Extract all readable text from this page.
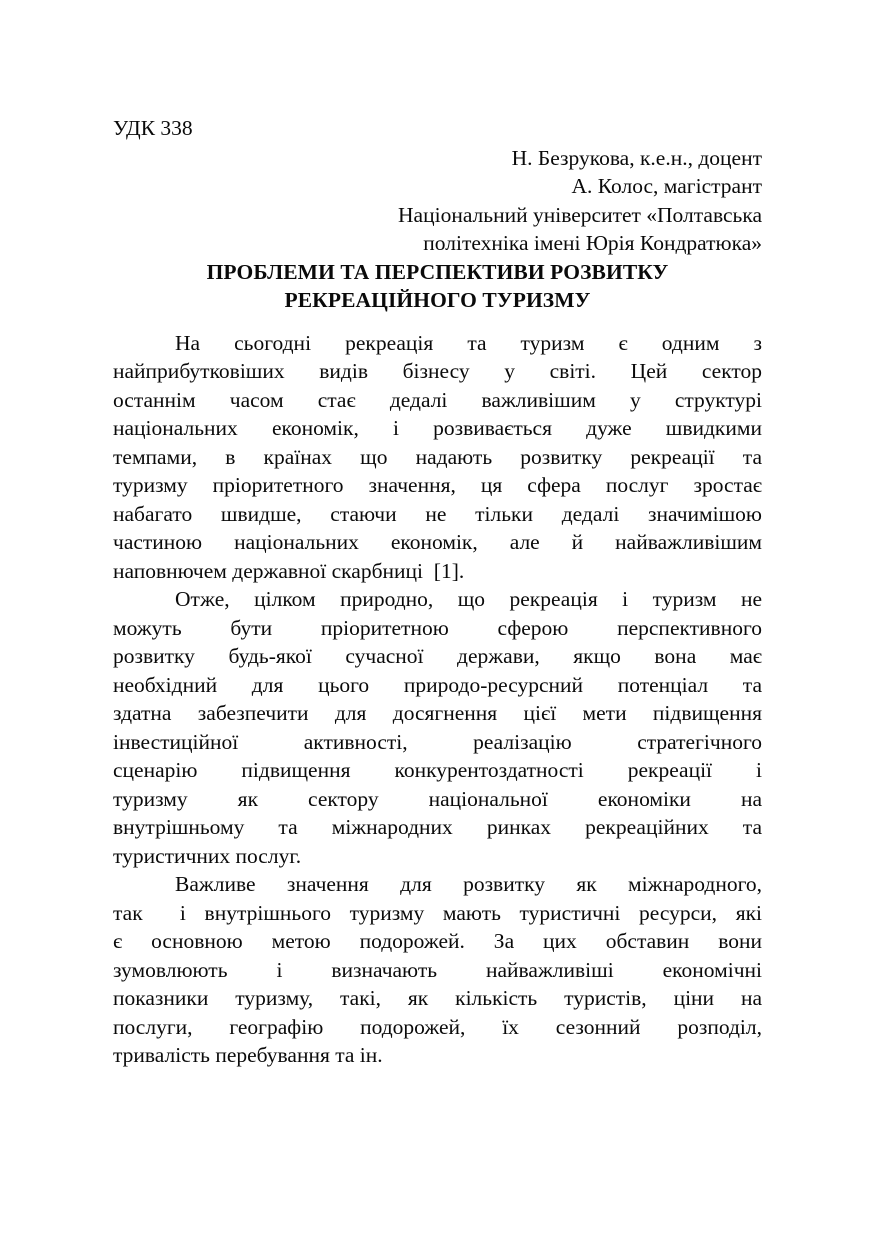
УДК 338
Н. Безрукова, к.е.н., доцент
А. Колос, магістрант
Національний університет «Полтавська
політехніка імені Юрія Кондратюка»
ПРОБЛЕМИ ТА ПЕРСПЕКТИВИ РОЗВИТКУ
РЕКРЕАЦІЙНОГО ТУРИЗМУ

На сьогодні рекреація та туризм є одним з
найприбутковіших видів бізнесу у світі. Цей сектор
останнім часом стає дедалі важливішим у структурі
національних економік, і розвивається дуже швидкими
темпами, в країнах що надають розвитку рекреації та
туризму пріоритетного значення, ця сфера послуг зростає
набагато швидше, стаючи не тільки дедалі значимішою
частиною національних економік, але й найважливішим
наповнючем державної скарбниці  [1].

Отже, цілком природно, що рекреація і туризм не
можуть бути пріоритетною сферою перспективного
розвитку будь-якої сучасної держави, якщо вона має
необхідний для цього природо-ресурсний потенціал та
здатна забезпечити для досягнення цієї мети підвищення
інвестиційної активності, реалізацію стратегічного
сценарію підвищення конкурентоздатності рекреації і
туризму як сектору національної економіки на
внутрішньому та міжнародних ринках рекреаційних та
туристичних послуг.

Важливе значення для розвитку як міжнародного,
так  і внутрішнього туризму мають туристичні ресурси, які
є основною метою подорожей. За цих обставин вони
зумовлюють і визначають найважливіші економічні
показники туризму, такі, як кількість туристів, ціни на
послуги, географію подорожей, їх сезонний розподіл,
тривалість перебування та ін.
